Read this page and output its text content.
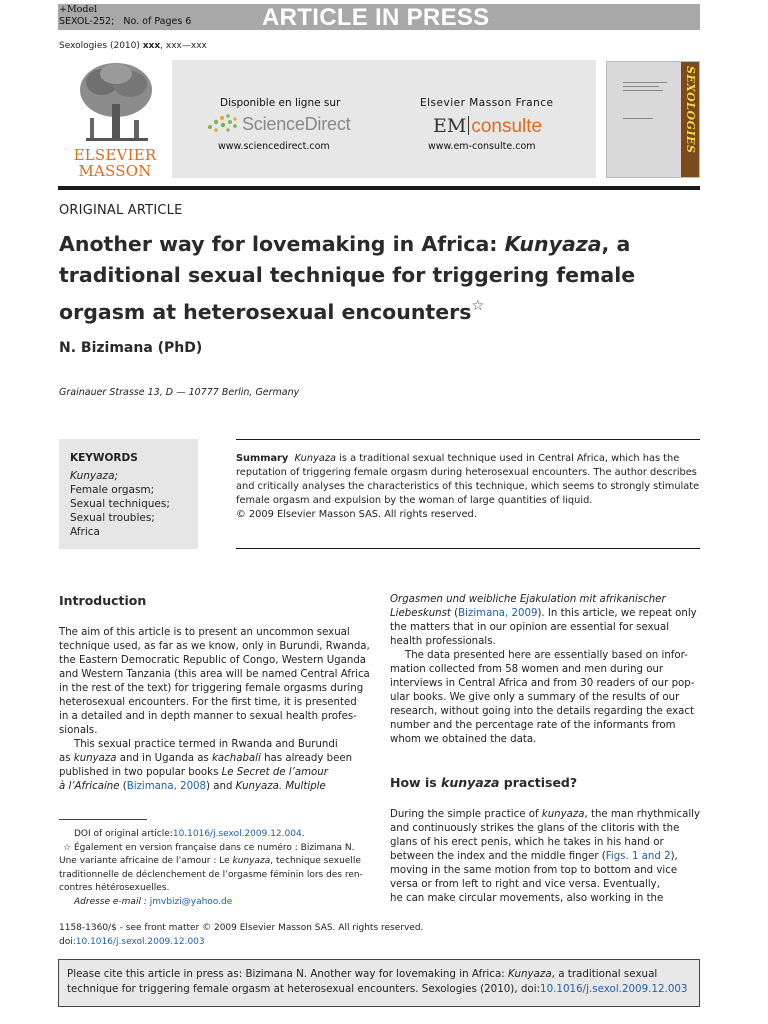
+Model
SEXOL-252; No. of Pages 6	ARTICLE IN PRESS
Sexologies (2010) xxx, xxx—xxx
ELSEVIER
MASSON
Disponible en ligne sur
ScienceDirect
www.sciencedirect.com
Elsevier Masson France
EM consulte
www.em-consulte.com	SEXOLOGIES
ORIGINAL ARTICLE
Another way for lovemaking in Africa: Kunyaza, a
traditional sexual technique for triggering female
orgasm at heterosexual encounters☆
N. Bizimana (PhD)
Grainauer Strasse 13, D — 10777 Berlin, Germany
KEYWORDS
Kunyaza;
Female orgasm;
Sexual techniques;
Sexual troubles;
Africa
Summary Kunyaza is a traditional sexual technique used in Central Africa, which has the
reputation of triggering female orgasm during heterosexual encounters. The author describes
and critically analyses the characteristics of this technique, which seems to strongly stimulate
female orgasm and expulsion by the woman of large quantities of liquid.
© 2009 Elsevier Masson SAS. All rights reserved.
Introduction
The aim of this article is to present an uncommon sexual
technique used, as far as we know, only in Burundi, Rwanda,
the Eastern Democratic Republic of Congo, Western Uganda
and Western Tanzania (this area will be named Central Africa
in the rest of the text) for triggering female orgasms during
heterosexual encounters. For the first time, it is presented
in a detailed and in depth manner to sexual health profes-
sionals.
This sexual practice termed in Rwanda and Burundi
as kunyaza and in Uganda as kachabali has already been
published in two popular books Le Secret de l’amour
à l’Africaine (Bizimana, 2008) and Kunyaza. Multiple
Orgasmen und weibliche Ejakulation mit afrikanischer
Liebeskunst (Bizimana, 2009). In this article, we repeat only
the matters that in our opinion are essential for sexual
health professionals.
The data presented here are essentially based on infor-
mation collected from 58 women and men during our
interviews in Central Africa and from 30 readers of our pop-
ular books. We give only a summary of the results of our
research, without going into the details regarding the exact
number and the percentage rate of the informants from
whom we obtained the data.
How is kunyaza practised?
During the simple practice of kunyaza, the man rhythmically
and continuously strikes the glans of the clitoris with the
glans of his erect penis, which he takes in his hand or
between the index and the middle finger (Figs. 1 and 2),
moving in the same motion from top to bottom and vice
versa or from left to right and vice versa. Eventually,
he can make circular movements, also working in the
DOI of original article:10.1016/j.sexol.2009.12.004.
☆ Également en version française dans ce numéro : Bizimana N.
Une variante africaine de l’amour : Le kunyaza, technique sexuelle
traditionnelle de déclenchement de l’orgasme féminin lors des ren-
contres hétérosexuelles.
Adresse e-mail : jmvbizi@yahoo.de
1158-1360/$ - see front matter © 2009 Elsevier Masson SAS. All rights reserved.
doi:10.1016/j.sexol.2009.12.003
Please cite this article in press as: Bizimana N. Another way for lovemaking in Africa: Kunyaza, a traditional sexual
technique for triggering female orgasm at heterosexual encounters. Sexologies (2010), doi:10.1016/j.sexol.2009.12.003
